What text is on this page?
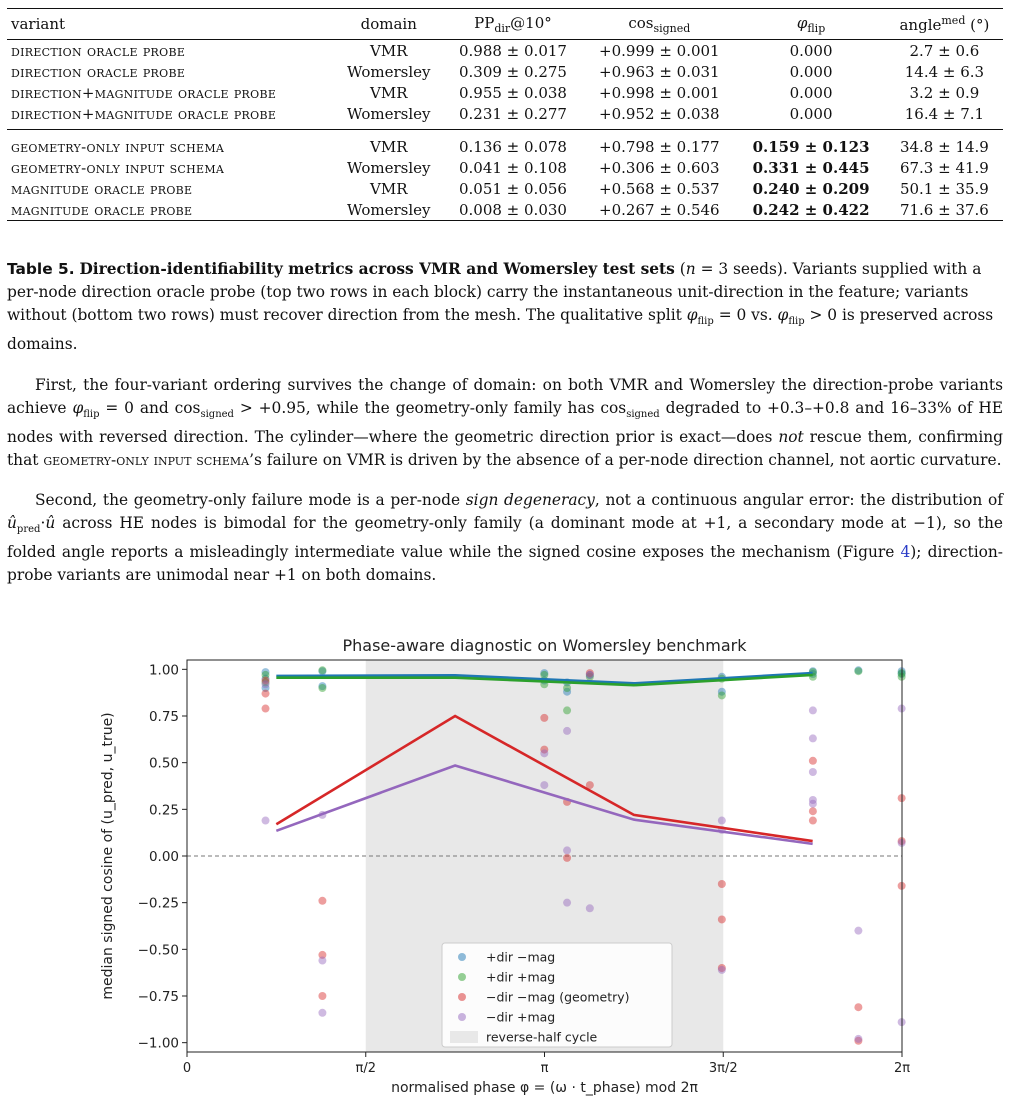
variant	domain	$PP_{dir}@10^\circ$	$\cos_{signed}$	$\varphi_{flip}$	angle$^{med}$ (°)
direction oracle probe	VMR	0.988 ± 0.017	+0.999 ± 0.001	0.000	2.7 ± 0.6
direction oracle probe	Womersley	0.309 ± 0.275	+0.963 ± 0.031	0.000	14.4 ± 6.3
direction+magnitude oracle probe	VMR	0.955 ± 0.038	+0.998 ± 0.001	0.000	3.2 ± 0.9
direction+magnitude oracle probe	Womersley	0.231 ± 0.277	+0.952 ± 0.038	0.000	16.4 ± 7.1
geometry-only input schema	VMR	0.136 ± 0.078	+0.798 ± 0.177	0.159 ± 0.123	34.8 ± 14.9
geometry-only input schema	Womersley	0.041 ± 0.108	+0.306 ± 0.603	0.331 ± 0.445	67.3 ± 41.9
magnitude oracle probe	VMR	0.051 ± 0.056	+0.568 ± 0.537	0.240 ± 0.209	50.1 ± 35.9
magnitude oracle probe	Womersley	0.008 ± 0.030	+0.267 ± 0.546	0.242 ± 0.422	71.6 ± 37.6
Table 5. Direction-identifiability metrics across VMR and Womersley test sets (n = 3 seeds). Variants supplied with a per-node direction oracle probe (top two rows in each block) carry the instantaneous unit-direction in the feature; variants without (bottom two rows) must recover direction from the mesh. The qualitative split $\varphi_{flip} = 0$ vs. $\varphi_{flip} > 0$ is preserved across domains.

First, the four-variant ordering survives the change of domain: on both VMR and Womersley the direction-probe variants achieve $\varphi_{flip} = 0$ and $\cos_{signed} > +0.95$, while the geometry-only family has $\cos_{signed}$ degraded to +0.3–+0.8 and 16–33% of HE nodes with reversed direction. The cylinder—where the geometric direction prior is exact—does not rescue them, confirming that geometry-only input schema’s failure on VMR is driven by the absence of a per-node direction channel, not aortic curvature.

Second, the geometry-only failure mode is a per-node sign degeneracy, not a continuous angular error: the distribution of $û_{pred}\cdot û$ across HE nodes is bimodal for the geometry-only family (a dominant mode at +1, a secondary mode at −1), so the folded angle reports a misleadingly intermediate value while the signed cosine exposes the mechanism (Figure 4); direction-probe variants are unimodal near +1 on both domains.

0	π/2	π	3π/2	2π
1.00
0.75
0.50
0.25
0.00
−0.25
−0.50
−0.75
−1.00
Phase-aware diagnostic on Womersley benchmark
normalised phase φ = (ω · t_phase) mod 2π
median signed cosine of (u_pred, u_true)	+dir −mag
+dir +mag
−dir −mag (geometry)
−dir +mag
reverse-half cycle
